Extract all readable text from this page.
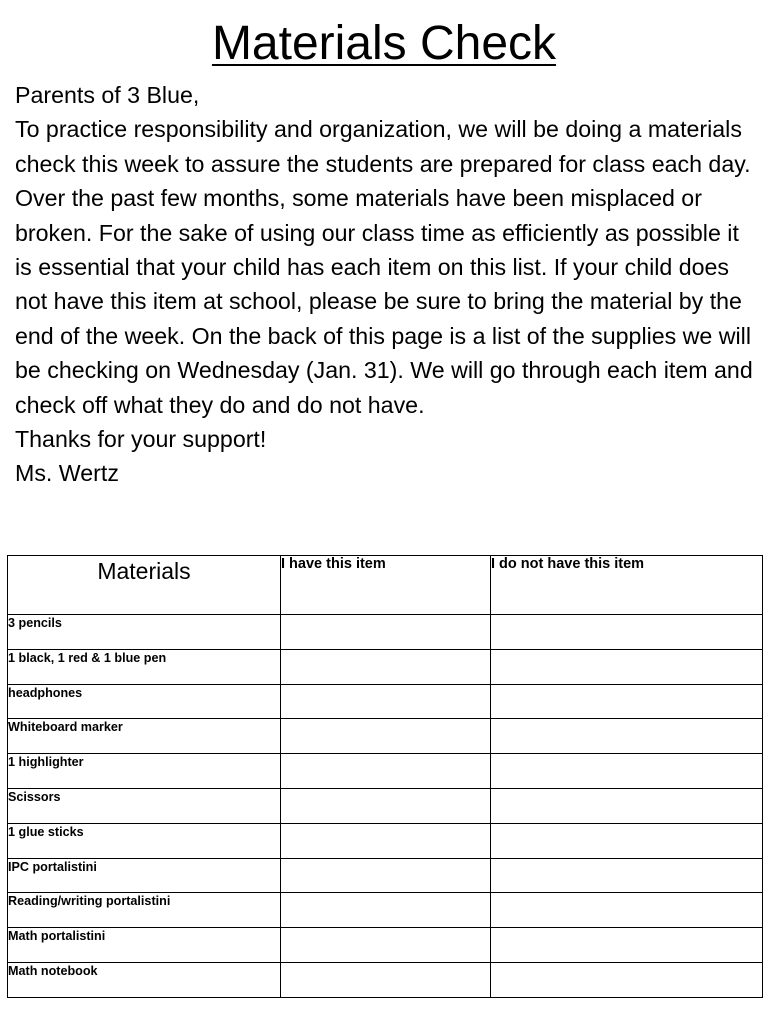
Materials Check

Parents of 3 Blue,

To practice responsibility and organization, we will be doing a materials check this week to assure the students are prepared for class each day. Over the past few months, some materials have been misplaced or broken. For the sake of using our class time as efficiently as possible it is essential that your child has each item on this list. If your child does not have this item at school, please be sure to bring the material by the end of the week. On the back of this page is a list of the supplies we will be checking on Wednesday (Jan. 31). We will go through each item and check off what they do and do not have.

Thanks for your support!

Ms. Wertz

Materials	I have this item	I do not have this item
3 pencils		
1 black, 1 red & 1 blue pen		
headphones		
Whiteboard marker		
1 highlighter		
Scissors		
1 glue sticks		
IPC portalistini		
Reading/writing portalistini		
Math portalistini		
Math notebook		
